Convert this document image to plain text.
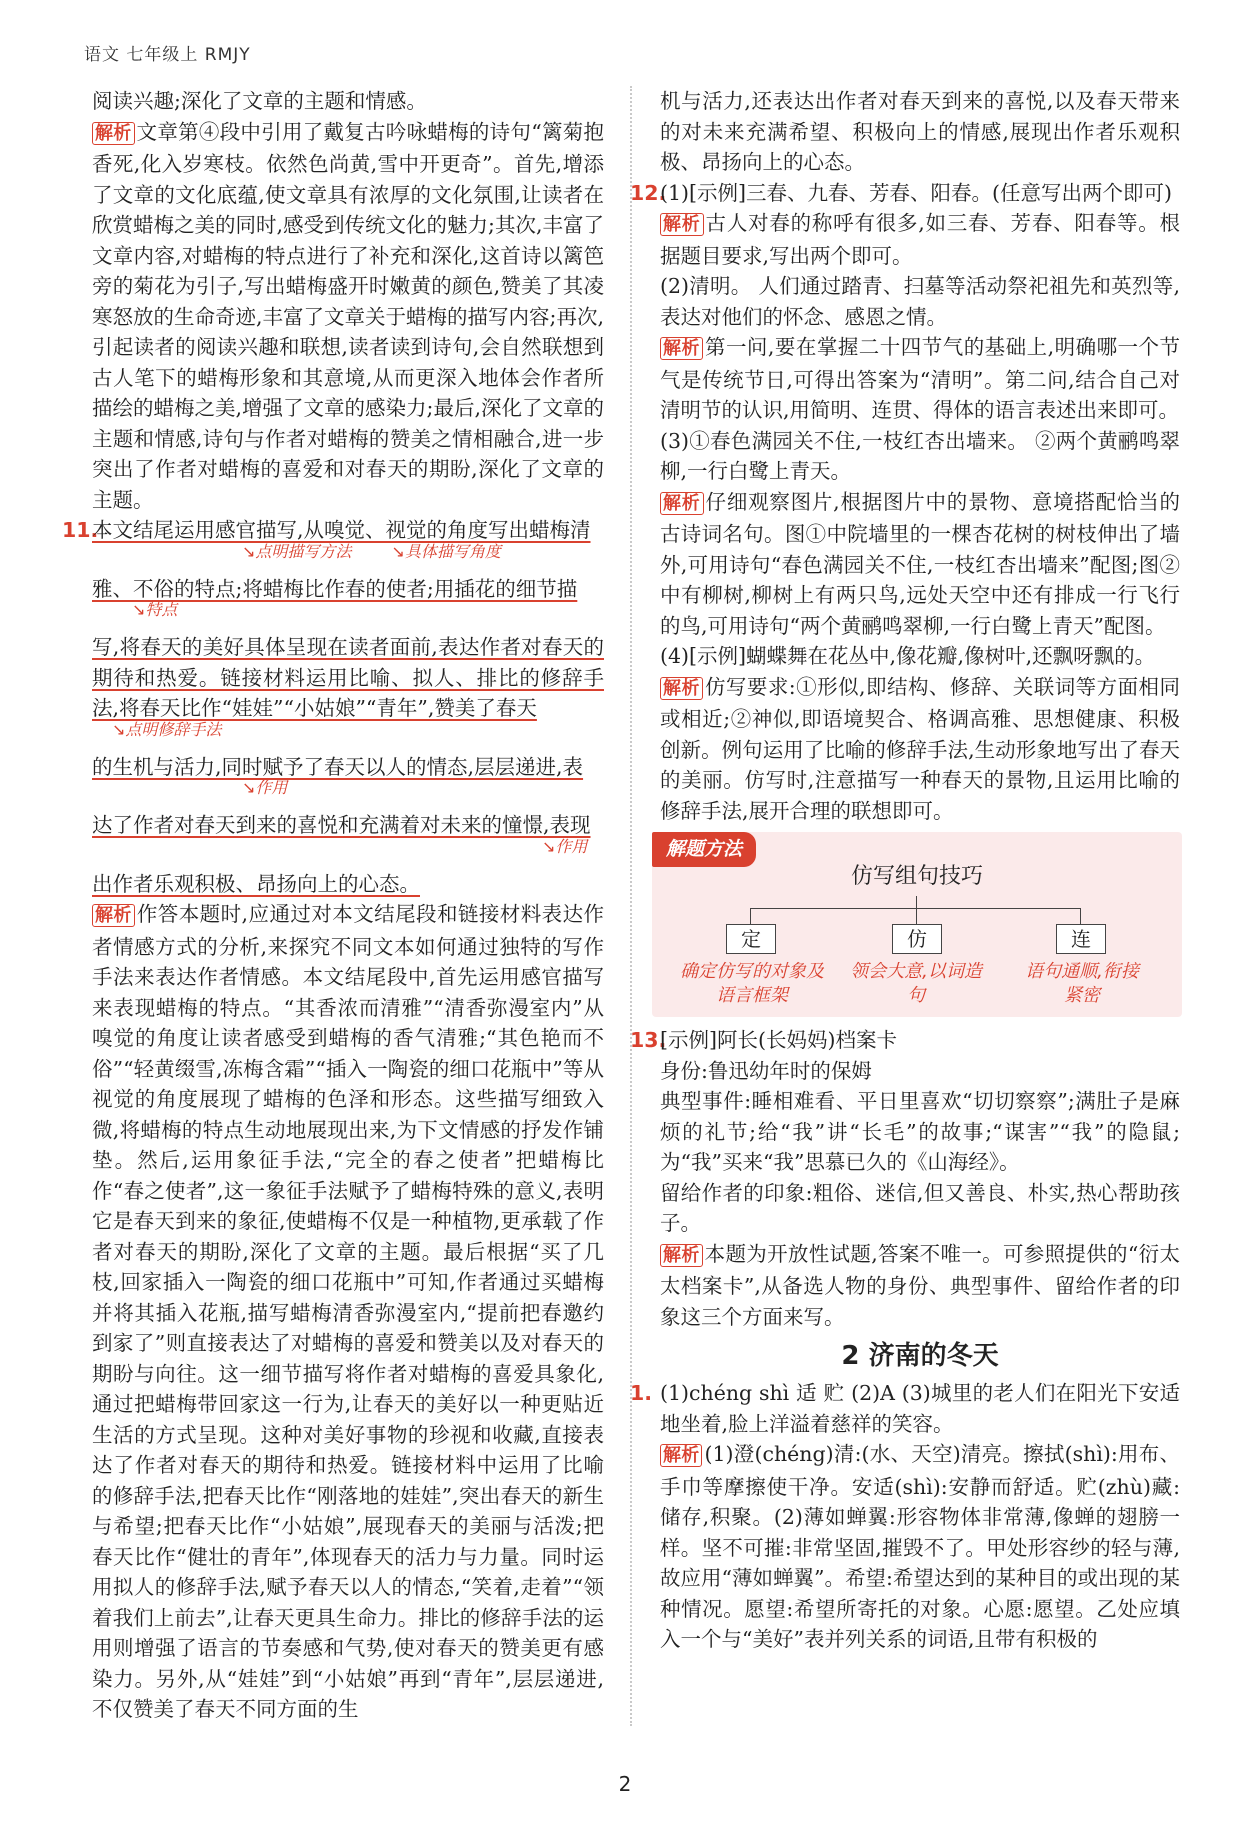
语文 七年级上 RMJY

阅读兴趣;深化了文章的主题和情感。

解析 文章第④段中引用了戴复古吟咏蜡梅的诗句“篱菊抱香死,化入岁寒枝。依然色尚黄,雪中开更奇”。首先,增添了文章的文化底蕴,使文章具有浓厚的文化氛围,让读者在欣赏蜡梅之美的同时,感受到传统文化的魅力;其次,丰富了文章内容,对蜡梅的特点进行了补充和深化,这首诗以篱笆旁的菊花为引子,写出蜡梅盛开时嫩黄的颜色,赞美了其凌寒怒放的生命奇迹,丰富了文章关于蜡梅的描写内容;再次,引起读者的阅读兴趣和联想,读者读到诗句,会自然联想到古人笔下的蜡梅形象和其意境,从而更深入地体会作者所描绘的蜡梅之美,增强了文章的感染力;最后,深化了文章的主题和情感,诗句与作者对蜡梅的赞美之情相融合,进一步突出了作者对蜡梅的喜爱和对春天的期盼,深化了文章的主题。

11.本文结尾运用感官描写,从嗅觉、视觉的角度写出蜡梅清

↘点明描写方法	↘具体描写角度

雅、不俗的特点;将蜡梅比作春的使者;用插花的细节描

↘特点

写,将春天的美好具体呈现在读者面前,表达作者对春天的期待和热爱。链接材料运用比喻、拟人、排比的修辞手法,将春天比作“娃娃”“小姑娘”“青年”,赞美了春天

↘点明修辞手法

的生机与活力,同时赋予了春天以人的情态,层层递进,表

↘作用

达了作者对春天到来的喜悦和充满着对未来的憧憬,表现

↘作用

出作者乐观积极、昂扬向上的心态。

解析 作答本题时,应通过对本文结尾段和链接材料表达作者情感方式的分析,来探究不同文本如何通过独特的写作手法来表达作者情感。本文结尾段中,首先运用感官描写来表现蜡梅的特点。“其香浓而清雅”“清香弥漫室内”从嗅觉的角度让读者感受到蜡梅的香气清雅;“其色艳而不俗”“轻黄缀雪,冻梅含霜”“插入一陶瓷的细口花瓶中”等从视觉的角度展现了蜡梅的色泽和形态。这些描写细致入微,将蜡梅的特点生动地展现出来,为下文情感的抒发作铺垫。然后,运用象征手法,“完全的春之使者”把蜡梅比作“春之使者”,这一象征手法赋予了蜡梅特殊的意义,表明它是春天到来的象征,使蜡梅不仅是一种植物,更承载了作者对春天的期盼,深化了文章的主题。最后根据“买了几枝,回家插入一陶瓷的细口花瓶中”可知,作者通过买蜡梅并将其插入花瓶,描写蜡梅清香弥漫室内,“提前把春邀约到家了”则直接表达了对蜡梅的喜爱和赞美以及对春天的期盼与向往。这一细节描写将作者对蜡梅的喜爱具象化,通过把蜡梅带回家这一行为,让春天的美好以一种更贴近生活的方式呈现。这种对美好事物的珍视和收藏,直接表达了作者对春天的期待和热爱。链接材料中运用了比喻的修辞手法,把春天比作“刚落地的娃娃”,突出春天的新生与希望;把春天比作“小姑娘”,展现春天的美丽与活泼;把春天比作“健壮的青年”,体现春天的活力与力量。同时运用拟人的修辞手法,赋予春天以人的情态,“笑着,走着”“领着我们上前去”,让春天更具生命力。排比的修辞手法的运用则增强了语言的节奏感和气势,使对春天的赞美更有感染力。另外,从“娃娃”到“小姑娘”再到“青年”,层层递进,不仅赞美了春天不同方面的生

机与活力,还表达出作者对春天到来的喜悦,以及春天带来的对未来充满希望、积极向上的情感,展现出作者乐观积极、昂扬向上的心态。

12.(1)[示例]三春、九春、芳春、阳春。(任意写出两个即可)

解析 古人对春的称呼有很多,如三春、芳春、阳春等。根据题目要求,写出两个即可。

(2)清明。 人们通过踏青、扫墓等活动祭祀祖先和英烈等,表达对他们的怀念、感恩之情。

解析 第一问,要在掌握二十四节气的基础上,明确哪一个节气是传统节日,可得出答案为“清明”。第二问,结合自己对清明节的认识,用简明、连贯、得体的语言表述出来即可。

(3)①春色满园关不住,一枝红杏出墙来。 ②两个黄鹂鸣翠柳,一行白鹭上青天。

解析 仔细观察图片,根据图片中的景物、意境搭配恰当的古诗词名句。图①中院墙里的一棵杏花树的树枝伸出了墙外,可用诗句“春色满园关不住,一枝红杏出墙来”配图;图②中有柳树,柳树上有两只鸟,远处天空中还有排成一行飞行的鸟,可用诗句“两个黄鹂鸣翠柳,一行白鹭上青天”配图。

(4)[示例]蝴蝶舞在花丛中,像花瓣,像树叶,还飘呀飘的。

解析 仿写要求:①形似,即结构、修辞、关联词等方面相同或相近;②神似,即语境契合、格调高雅、思想健康、积极创新。例句运用了比喻的修辞手法,生动形象地写出了春天的美丽。仿写时,注意描写一种春天的景物,且运用比喻的修辞手法,展开合理的联想即可。

解题方法
仿写组句技巧
定	仿	连
确定仿写的对象及语言框架
领会大意,以词造句
语句通顺,衔接紧密

13.[示例]阿长(长妈妈)档案卡

身份:鲁迅幼年时的保姆

典型事件:睡相难看、平日里喜欢“切切察察”;满肚子是麻烦的礼节;给“我”讲“长毛”的故事;“谋害”“我”的隐鼠;为“我”买来“我”思慕已久的《山海经》。

留给作者的印象:粗俗、迷信,但又善良、朴实,热心帮助孩子。

解析 本题为开放性试题,答案不唯一。可参照提供的“衍太太档案卡”,从备选人物的身份、典型事件、留给作者的印象这三个方面来写。

2 济南的冬天

1. (1)chéng shì 适 贮 (2)A (3)城里的老人们在阳光下安适地坐着,脸上洋溢着慈祥的笑容。

解析 (1)澄(chéng)清:(水、天空)清亮。擦拭(shì):用布、手巾等摩擦使干净。安适(shì):安静而舒适。贮(zhù)藏:储存,积聚。(2)薄如蝉翼:形容物体非常薄,像蝉的翅膀一样。坚不可摧:非常坚固,摧毁不了。甲处形容纱的轻与薄,故应用“薄如蝉翼”。希望:希望达到的某种目的或出现的某种情况。愿望:希望所寄托的对象。心愿:愿望。乙处应填入一个与“美好”表并列关系的词语,且带有积极的

2
